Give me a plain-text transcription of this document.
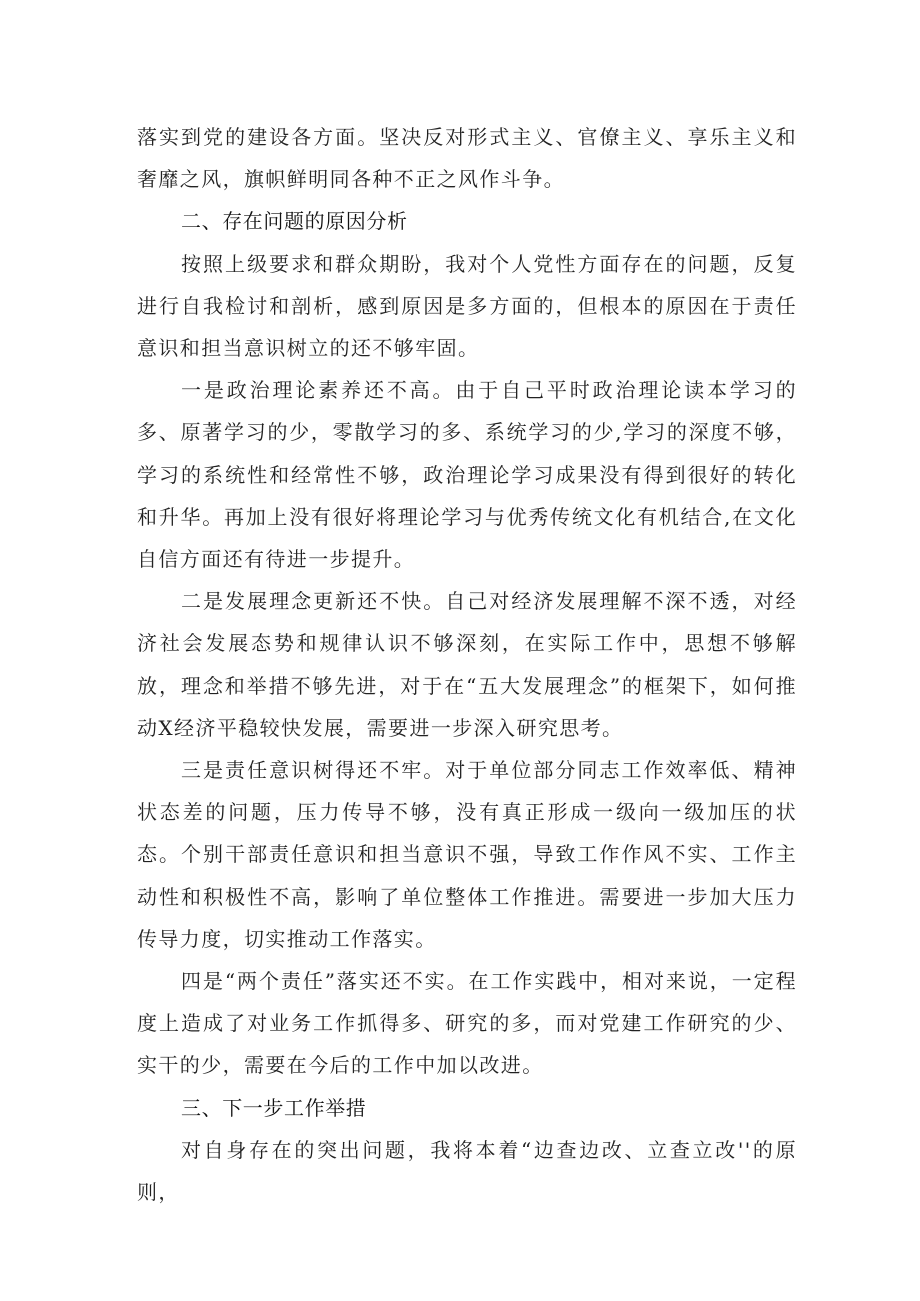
落实到党的建设各方面。坚决反对形式主义、官僚主义、享乐主义和奢靡之风，旗帜鲜明同各种不正之风作斗争。

二、存在问题的原因分析

按照上级要求和群众期盼，我对个人党性方面存在的问题，反复进行自我检讨和剖析，感到原因是多方面的，但根本的原因在于责任意识和担当意识树立的还不够牢固。

一是政治理论素养还不高。由于自己平时政治理论读本学习的多、原著学习的少，零散学习的多、系统学习的少,学习的深度不够，学习的系统性和经常性不够，政治理论学习成果没有得到很好的转化和升华。再加上没有很好将理论学习与优秀传统文化有机结合,在文化自信方面还有待进一步提升。

二是发展理念更新还不快。自己对经济发展理解不深不透，对经济社会发展态势和规律认识不够深刻，在实际工作中，思想不够解放，理念和举措不够先进，对于在“五大发展理念”的框架下，如何推动X经济平稳较快发展，需要进一步深入研究思考。

三是责任意识树得还不牢。对于单位部分同志工作效率低、精神状态差的问题，压力传导不够，没有真正形成一级向一级加压的状态。个别干部责任意识和担当意识不强，导致工作作风不实、工作主动性和积极性不高，影响了单位整体工作推进。需要进一步加大压力传导力度，切实推动工作落实。

四是“两个责任”落实还不实。在工作实践中，相对来说，一定程度上造成了对业务工作抓得多、研究的多，而对党建工作研究的少、实干的少，需要在今后的工作中加以改进。

三、下一步工作举措

对自身存在的突出问题，我将本着“边查边改、立查立改''的原则，
